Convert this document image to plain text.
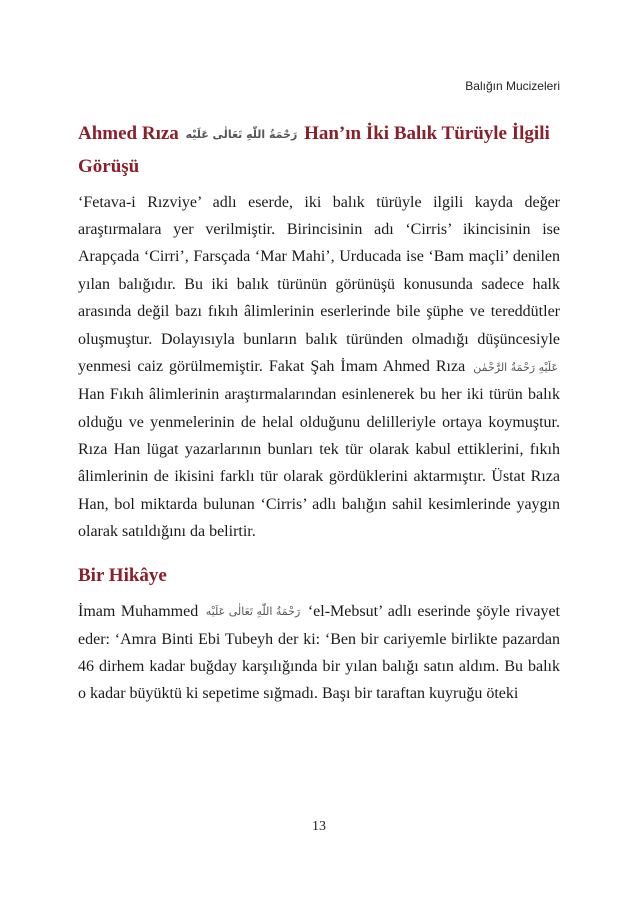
Balığın Mucizeleri
Ahmed Rıza رَحْمَةُ اللّٰهِ تَعَالٰى عَلَيْه Han’ın İki Balık Türüyle İlgili Görüşü

‘Fetava-i Rızviye’ adlı eserde, iki balık türüyle ilgili kayda değer araştırmalara yer verilmiştir. Birincisinin adı ‘Cirris’ ikincisinin ise Arapçada ‘Cirri’, Farsçada ‘Mar Mahi’, Urducada ise ‘Bam maçli’ denilen yılan balığıdır. Bu iki balık türünün görünüşü konusunda sadece halk arasında değil bazı fıkıh âlimlerinin eserlerinde bile şüphe ve tereddütler oluşmuştur. Dolayısıyla bunların balık türünden olmadığı düşüncesiyle yenmesi caiz görülmemiştir. Fakat Şah İmam Ahmed Rıza عَلَيْهِ رَحْمَةُ الرَّحْمٰن Han Fıkıh âlimlerinin araştırmalarından esinlenerek bu her iki türün balık olduğu ve yenmelerinin de helal olduğunu delilleriyle ortaya koymuştur. Rıza Han lügat yazarlarının bunları tek tür olarak kabul ettiklerini, fıkıh âlimlerinin de ikisini farklı tür olarak gördüklerini aktarmıştır. Üstat Rıza Han, bol miktarda bulunan ‘Cirris’ adlı balığın sahil kesimlerinde yaygın olarak satıldığını da belirtir.

Bir Hikâye

İmam Muhammed رَحْمَةُ اللّٰهِ تَعَالٰى عَلَيْه ‘el-Mebsut’ adlı eserinde şöyle rivayet eder: ‘Amra Binti Ebi Tubeyh der ki: ‘Ben bir cariyemle birlikte pazardan 46 dirhem kadar buğday karşılığında bir yılan balığı satın aldım. Bu balık o kadar büyüktü ki sepetime sığmadı. Başı bir taraftan kuyruğu öteki

13
